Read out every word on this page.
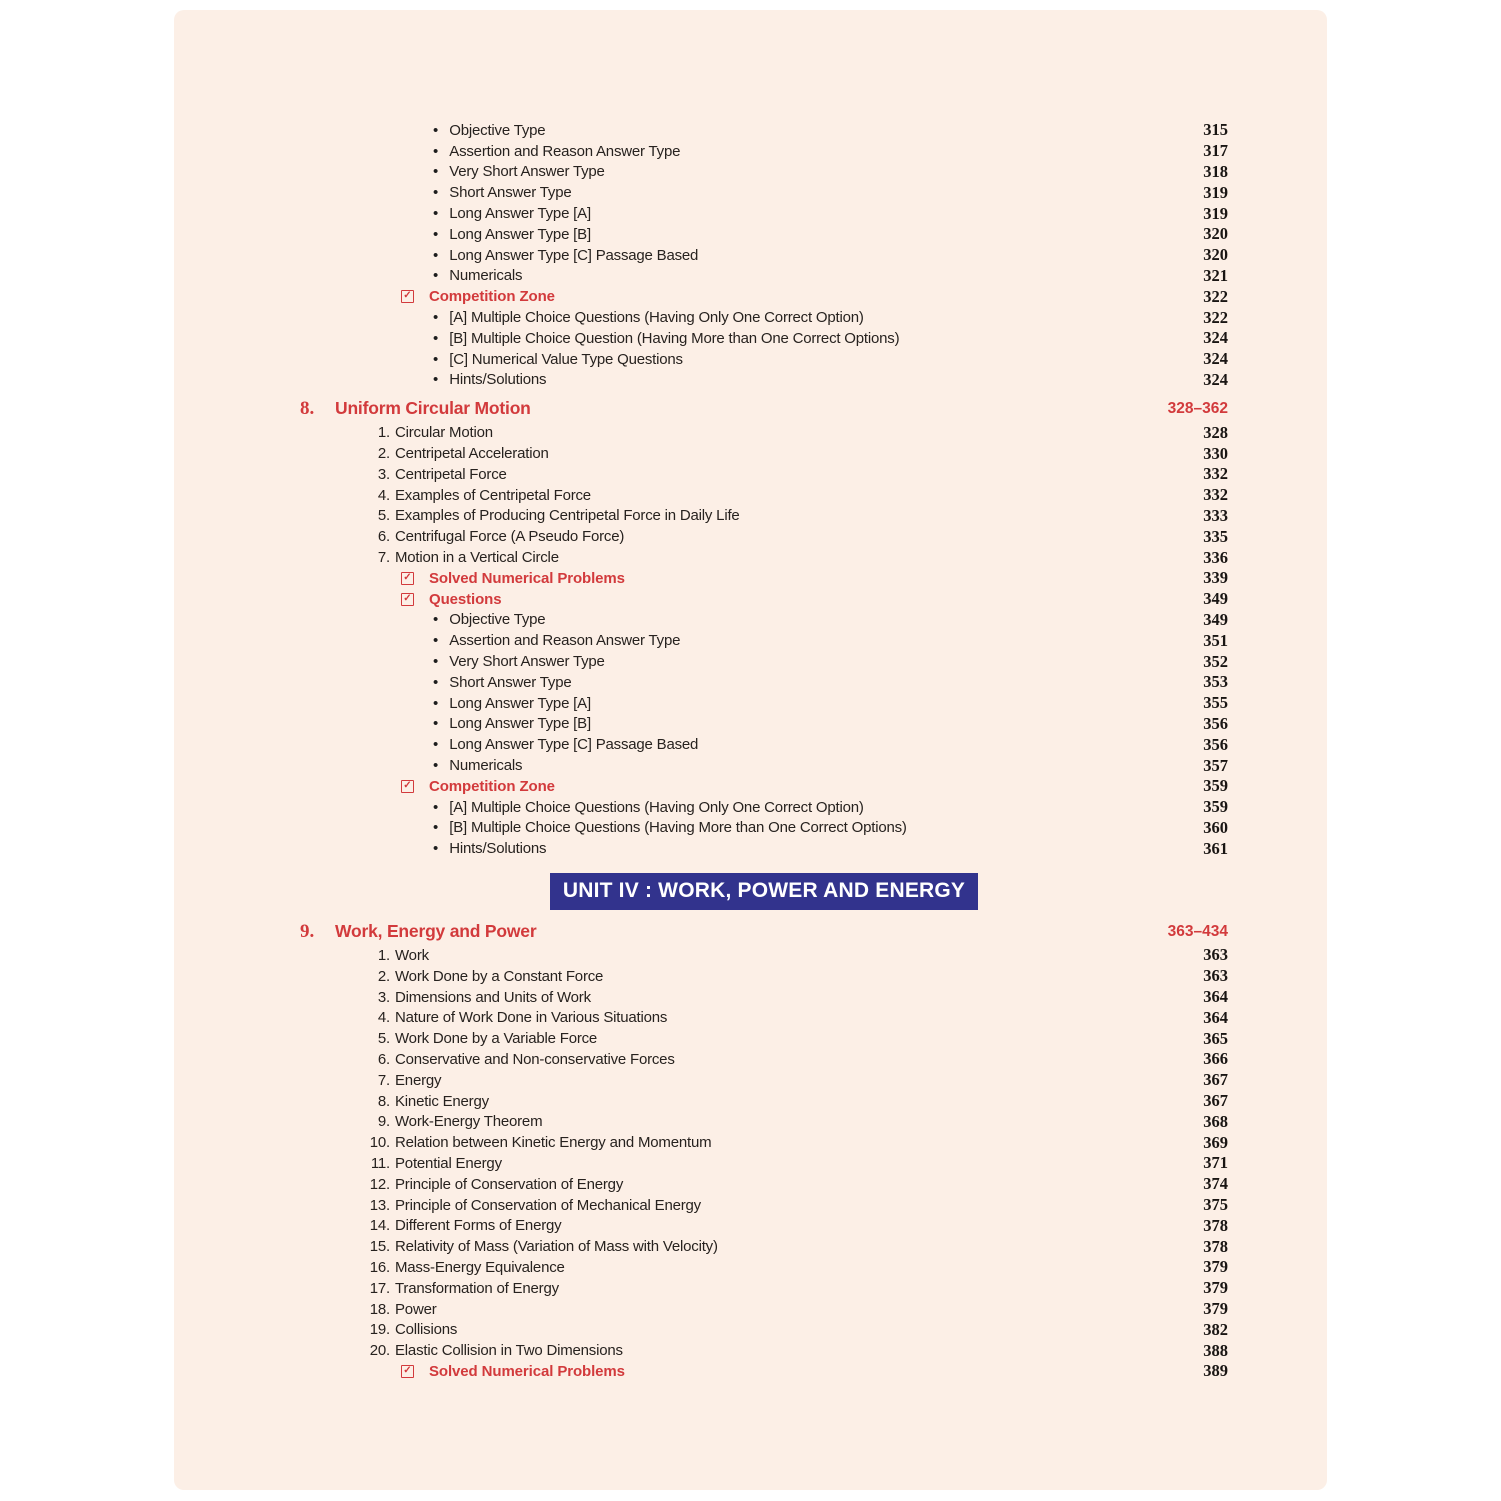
• Objective Type	315
• Assertion and Reason Answer Type	317
• Very Short Answer Type	318
• Short Answer Type	319
• Long Answer Type [A]	319
• Long Answer Type [B]	320
• Long Answer Type [C] Passage Based	320
• Numericals	321
✓ Competition Zone	322
• [A] Multiple Choice Questions (Having Only One Correct Option)	322
• [B] Multiple Choice Question (Having More than One Correct Options)	324
• [C] Numerical Value Type Questions	324
• Hints/Solutions	324
8.	Uniform Circular Motion	328–362
1. Circular Motion	328
2. Centripetal Acceleration	330
3. Centripetal Force	332
4. Examples of Centripetal Force	332
5. Examples of Producing Centripetal Force in Daily Life	333
6. Centrifugal Force (A Pseudo Force)	335
7. Motion in a Vertical Circle	336
✓ Solved Numerical Problems	339
✓ Questions	349
• Objective Type	349
• Assertion and Reason Answer Type	351
• Very Short Answer Type	352
• Short Answer Type	353
• Long Answer Type [A]	355
• Long Answer Type [B]	356
• Long Answer Type [C] Passage Based	356
• Numericals	357
✓ Competition Zone	359
• [A] Multiple Choice Questions (Having Only One Correct Option)	359
• [B] Multiple Choice Questions (Having More than One Correct Options)	360
• Hints/Solutions	361
UNIT IV : WORK, POWER AND ENERGY
9.	Work, Energy and Power	363–434
1. Work	363
2. Work Done by a Constant Force	363
3. Dimensions and Units of Work	364
4. Nature of Work Done in Various Situations	364
5. Work Done by a Variable Force	365
6. Conservative and Non-conservative Forces	366
7. Energy	367
8. Kinetic Energy	367
9. Work-Energy Theorem	368
10. Relation between Kinetic Energy and Momentum	369
11. Potential Energy	371
12. Principle of Conservation of Energy	374
13. Principle of Conservation of Mechanical Energy	375
14. Different Forms of Energy	378
15. Relativity of Mass (Variation of Mass with Velocity)	378
16. Mass-Energy Equivalence	379
17. Transformation of Energy	379
18. Power	379
19. Collisions	382
20. Elastic Collision in Two Dimensions	388
✓ Solved Numerical Problems	389
